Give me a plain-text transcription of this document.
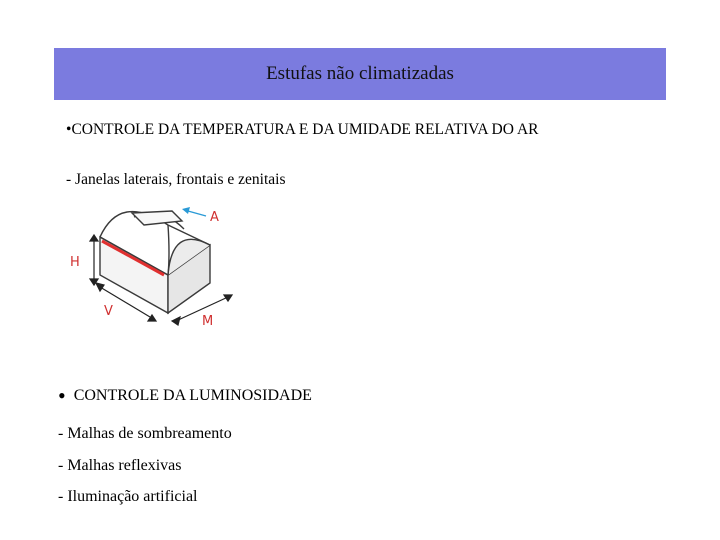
Estufas não climatizadas
•CONTROLE DA TEMPERATURA E DA UMIDADE RELATIVA DO AR
- Janelas laterais, frontais e zenitais
A
H
V
M
• CONTROLE DA LUMINOSIDADE
- Malhas de sombreamento
- Malhas reflexivas
- Iluminação artificial
